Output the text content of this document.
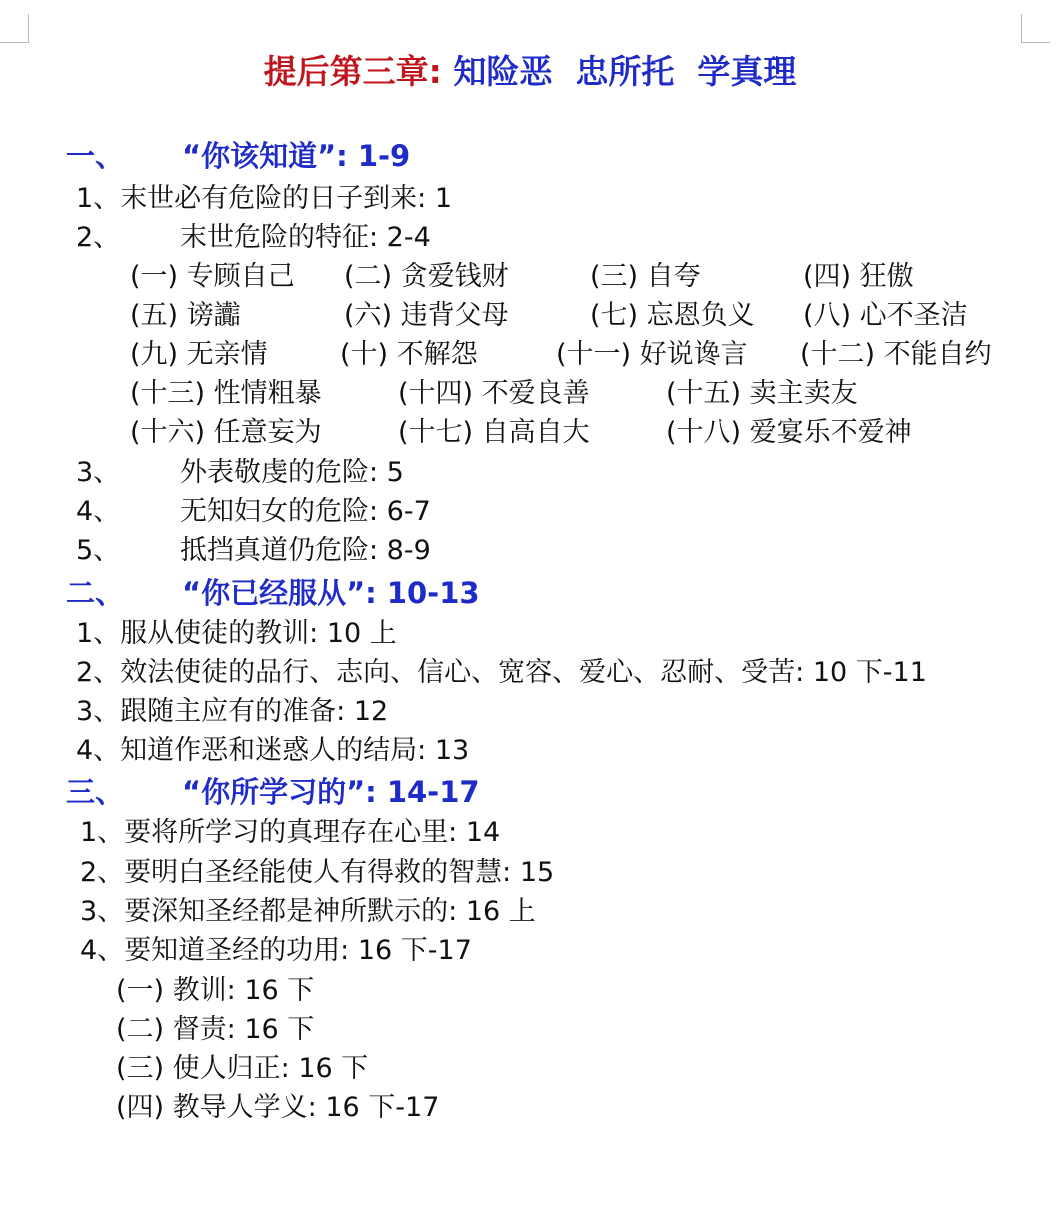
提后第三章: 知险恶  忠所托  学真理
一、 “你该知道”: 1-9
1、末世必有危险的日子到来: 1
2、 末世危险的特征: 2-4
(一) 专顾自己 (二) 贪爱钱财	(三) 自夸	(四) 狂傲
(五) 谤讟	(六) 违背父母	(七) 忘恩负义 (八) 心不圣洁
(九) 无亲情	(十) 不解怨	(十一) 好说谗言 (十二) 不能自约
(十三) 性情粗暴	(十四) 不爱良善	(十五) 卖主卖友
(十六) 任意妄为	(十七) 自高自大	(十八) 爱宴乐不爱神
3、 外表敬虔的危险: 5
4、 无知妇女的危险: 6-7
5、 抵挡真道仍危险: 8-9
二、 “你已经服从”: 10-13
1、服从使徒的教训: 10 上
2、效法使徒的品行、志向、信心、宽容、爱心、忍耐、受苦: 10 下-11
3、跟随主应有的准备: 12
4、知道作恶和迷惑人的结局: 13
三、 “你所学习的”: 14-17
1、要将所学习的真理存在心里: 14
2、要明白圣经能使人有得救的智慧: 15
3、要深知圣经都是神所默示的: 16 上
4、要知道圣经的功用: 16 下-17
(一) 教训: 16 下
(二) 督责: 16 下
(三) 使人归正: 16 下
(四) 教导人学义: 16 下-17
